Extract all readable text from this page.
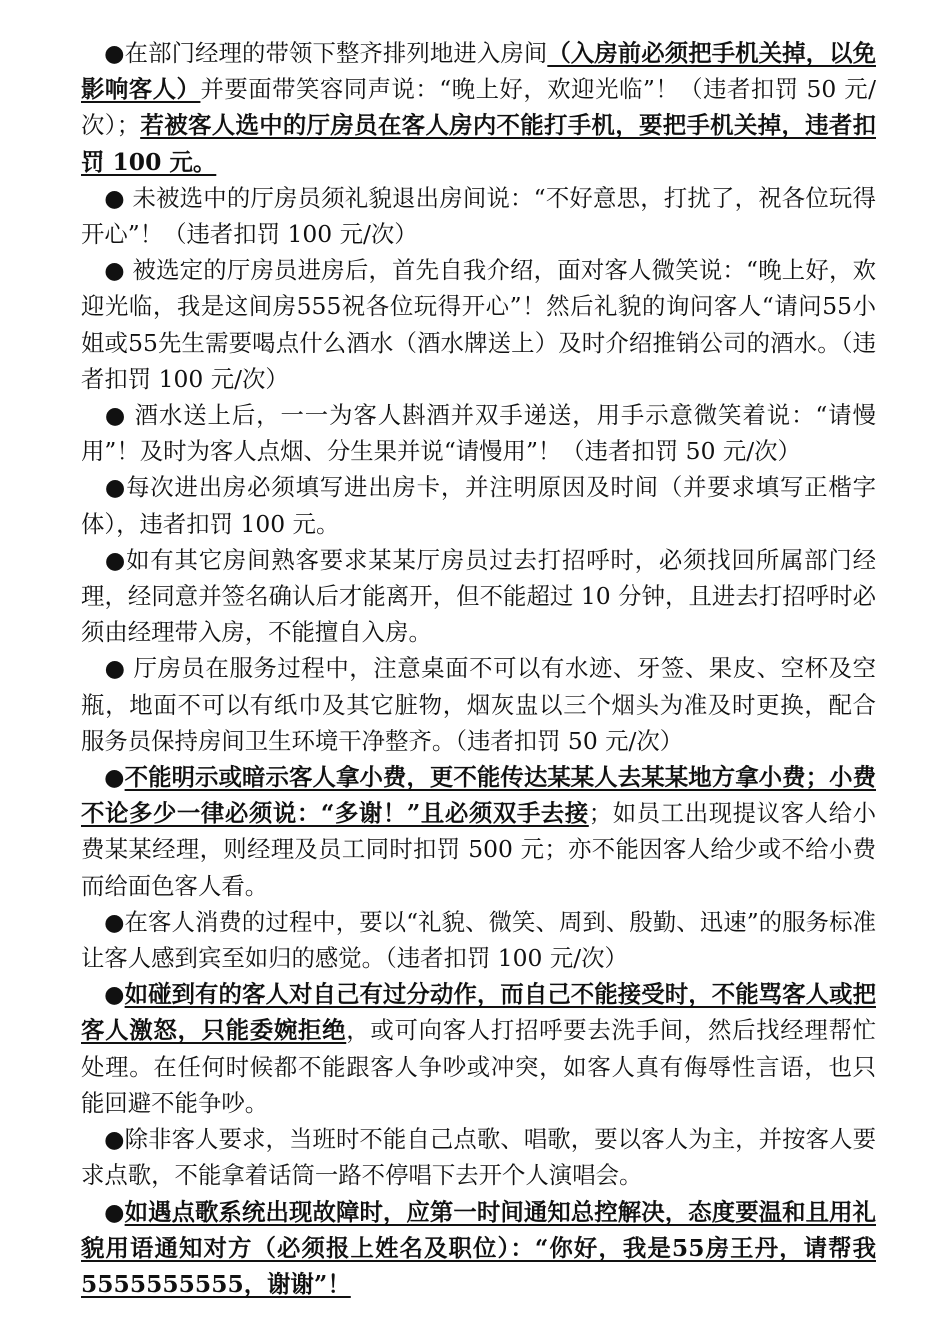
●在部门经理的带领下整齐排列地进入房间（入房前必须把手机关掉，以免影响客人）并要面带笑容同声说：“晚上好，欢迎光临”！（违者扣罚 50 元/次）；若被客人选中的厅房员在客人房内不能打手机，要把手机关掉，违者扣罚 100 元。
● 未被选中的厅房员须礼貌退出房间说：“不好意思，打扰了，祝各位玩得开心”！（违者扣罚 100 元/次）
● 被选定的厅房员进房后，首先自我介绍，面对客人微笑说：“晚上好，欢迎光临，我是这间房555祝各位玩得开心”！然后礼貌的询问客人“请问55小姐或55先生需要喝点什么酒水（酒水牌送上）及时介绍推销公司的酒水。（违者扣罚 100 元/次）
● 酒水送上后，一一为客人斟酒并双手递送，用手示意微笑着说：“请慢用”！及时为客人点烟、分生果并说“请慢用”！（违者扣罚 50 元/次）
●每次进出房必须填写进出房卡，并注明原因及时间（并要求填写正楷字体），违者扣罚 100 元。
●如有其它房间熟客要求某某厅房员过去打招呼时，必须找回所属部门经理，经同意并签名确认后才能离开，但不能超过 10 分钟，且进去打招呼时必须由经理带入房，不能擅自入房。
● 厅房员在服务过程中，注意桌面不可以有水迹、牙签、果皮、空杯及空瓶，地面不可以有纸巾及其它脏物，烟灰盅以三个烟头为准及时更换，配合服务员保持房间卫生环境干净整齐。（违者扣罚 50 元/次）
●不能明示或暗示客人拿小费，更不能传达某某人去某某地方拿小费；小费不论多少一律必须说：“多谢！”且必须双手去接；如员工出现提议客人给小费某某经理，则经理及员工同时扣罚 500 元；亦不能因客人给少或不给小费而给面色客人看。
●在客人消费的过程中，要以“礼貌、微笑、周到、殷勤、迅速”的服务标准让客人感到宾至如归的感觉。（违者扣罚 100 元/次）
●如碰到有的客人对自己有过分动作，而自己不能接受时，不能骂客人或把客人激怒，只能委婉拒绝，或可向客人打招呼要去洗手间，然后找经理帮忙处理。在任何时候都不能跟客人争吵或冲突，如客人真有侮辱性言语，也只能回避不能争吵。
●除非客人要求，当班时不能自己点歌、唱歌，要以客人为主，并按客人要求点歌，不能拿着话筒一路不停唱下去开个人演唱会。
●如遇点歌系统出现故障时，应第一时间通知总控解决，态度要温和且用礼貌用语通知对方（必须报上姓名及职位）：“你好，我是55房王丹，请帮我5555555555，谢谢”！
